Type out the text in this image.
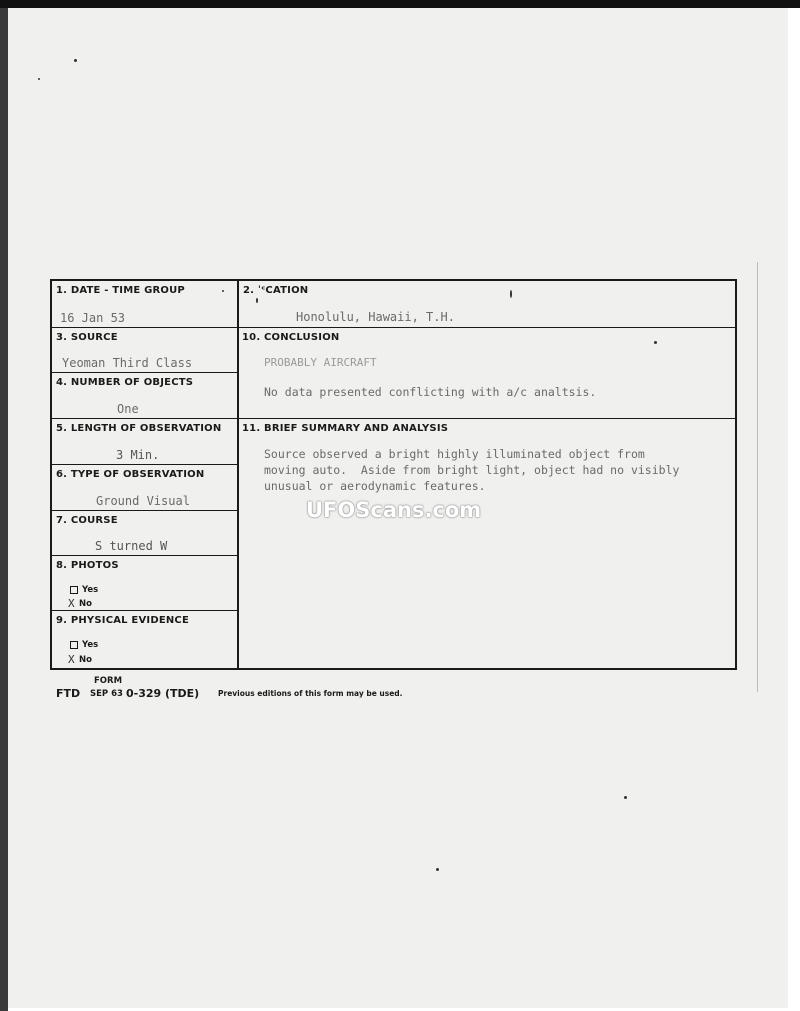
1. DATE - TIME GROUP
16 Jan 53
2. ˈᶜCATION
Honolulu, Hawaii, T.H.
3. SOURCE
Yeoman Third Class
10. CONCLUSION
PROBABLY AIRCRAFT
No data presented conflicting with a/c analtsis.
4. NUMBER OF OBJECTS
One
5. LENGTH OF OBSERVATION
3 Min.
11. BRIEF SUMMARY AND ANALYSIS
Source observed a bright highly illuminated object from
moving auto.  Aside from bright light, object had no visibly
unusual or aerodynamic features.
6. TYPE OF OBSERVATION
Ground Visual
7. COURSE
S turned W
8. PHOTOS
Yes
X No
9. PHYSICAL EVIDENCE
Yes
X No
UFOScans.com
FORM
FTD SEP 63 0-329 (TDE)	Previous editions of this form may be used.
